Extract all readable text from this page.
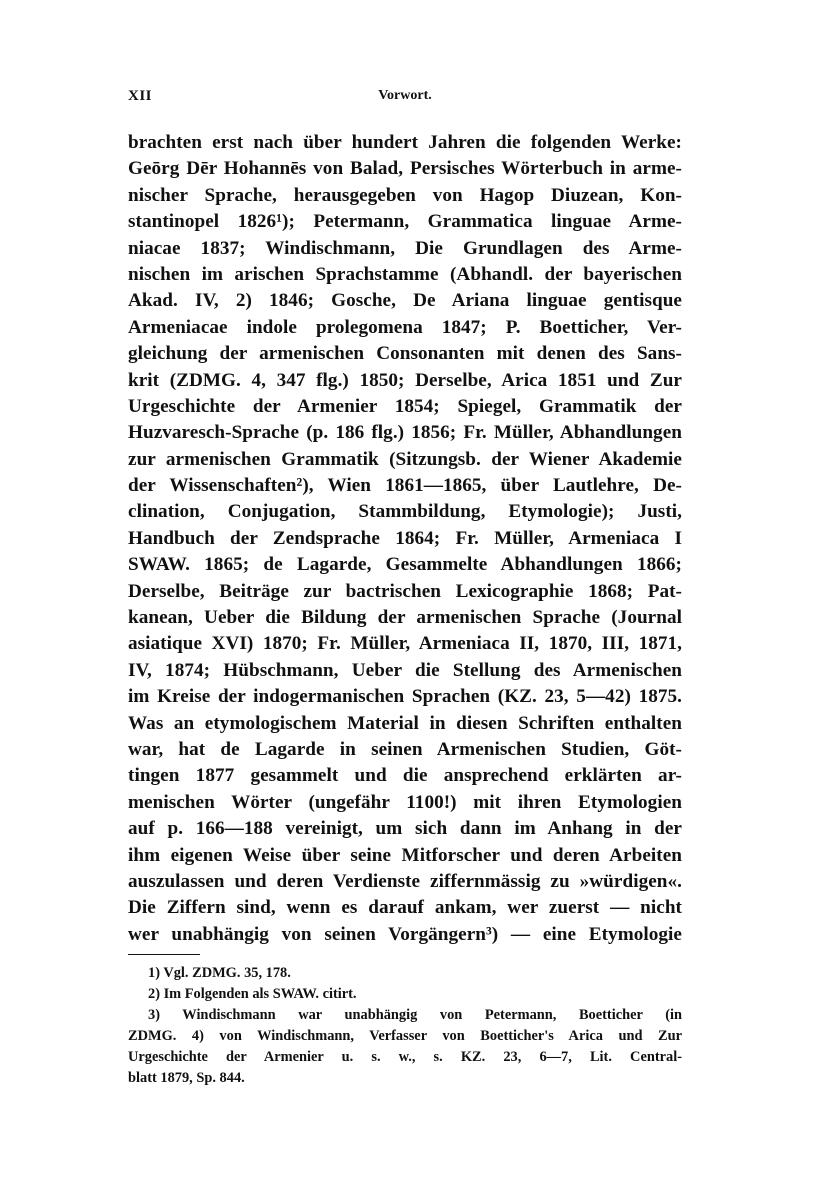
XII	Vorwort.
brachten erst nach über hundert Jahren die folgenden Werke:
Geōrg Dēr Hohannēs von Balad, Persisches Wörterbuch in arme-
nischer Sprache, herausgegeben von Hagop Diuzean, Kon-
stantinopel 1826¹); Petermann, Grammatica linguae Arme-
niacae 1837; Windischmann, Die Grundlagen des Arme-
nischen im arischen Sprachstamme (Abhandl. der bayerischen
Akad. IV, 2) 1846; Gosche, De Ariana linguae gentisque
Armeniacae indole prolegomena 1847; P. Boetticher, Ver-
gleichung der armenischen Consonanten mit denen des Sans-
krit (ZDMG. 4, 347 flg.) 1850; Derselbe, Arica 1851 und Zur
Urgeschichte der Armenier 1854; Spiegel, Grammatik der
Huzvaresch-Sprache (p. 186 flg.) 1856; Fr. Müller, Abhandlungen
zur armenischen Grammatik (Sitzungsb. der Wiener Akademie
der Wissenschaften²), Wien 1861—1865, über Lautlehre, De-
clination, Conjugation, Stammbildung, Etymologie); Justi,
Handbuch der Zendsprache 1864; Fr. Müller, Armeniaca I
SWAW. 1865; de Lagarde, Gesammelte Abhandlungen 1866;
Derselbe, Beiträge zur bactrischen Lexicographie 1868; Pat-
kanean, Ueber die Bildung der armenischen Sprache (Journal
asiatique XVI) 1870; Fr. Müller, Armeniaca II, 1870, III, 1871,
IV, 1874; Hübschmann, Ueber die Stellung des Armenischen
im Kreise der indogermanischen Sprachen (KZ. 23, 5—42) 1875.
Was an etymologischem Material in diesen Schriften enthalten
war, hat de Lagarde in seinen Armenischen Studien, Göt-
tingen 1877 gesammelt und die ansprechend erklärten ar-
menischen Wörter (ungefähr 1100!) mit ihren Etymologien
auf p. 166—188 vereinigt, um sich dann im Anhang in der
ihm eigenen Weise über seine Mitforscher und deren Arbeiten
auszulassen und deren Verdienste ziffernmässig zu »würdigen«.
Die Ziffern sind, wenn es darauf ankam, wer zuerst — nicht
wer unabhängig von seinen Vorgängern³) — eine Etymologie
1) Vgl. ZDMG. 35, 178.
2) Im Folgenden als SWAW. citirt.
3) Windischmann war unabhängig von Petermann, Boetticher (in
ZDMG. 4) von Windischmann, Verfasser von Boetticher's Arica und Zur
Urgeschichte der Armenier u. s. w., s. KZ. 23, 6—7, Lit. Central-
blatt 1879, Sp. 844.
